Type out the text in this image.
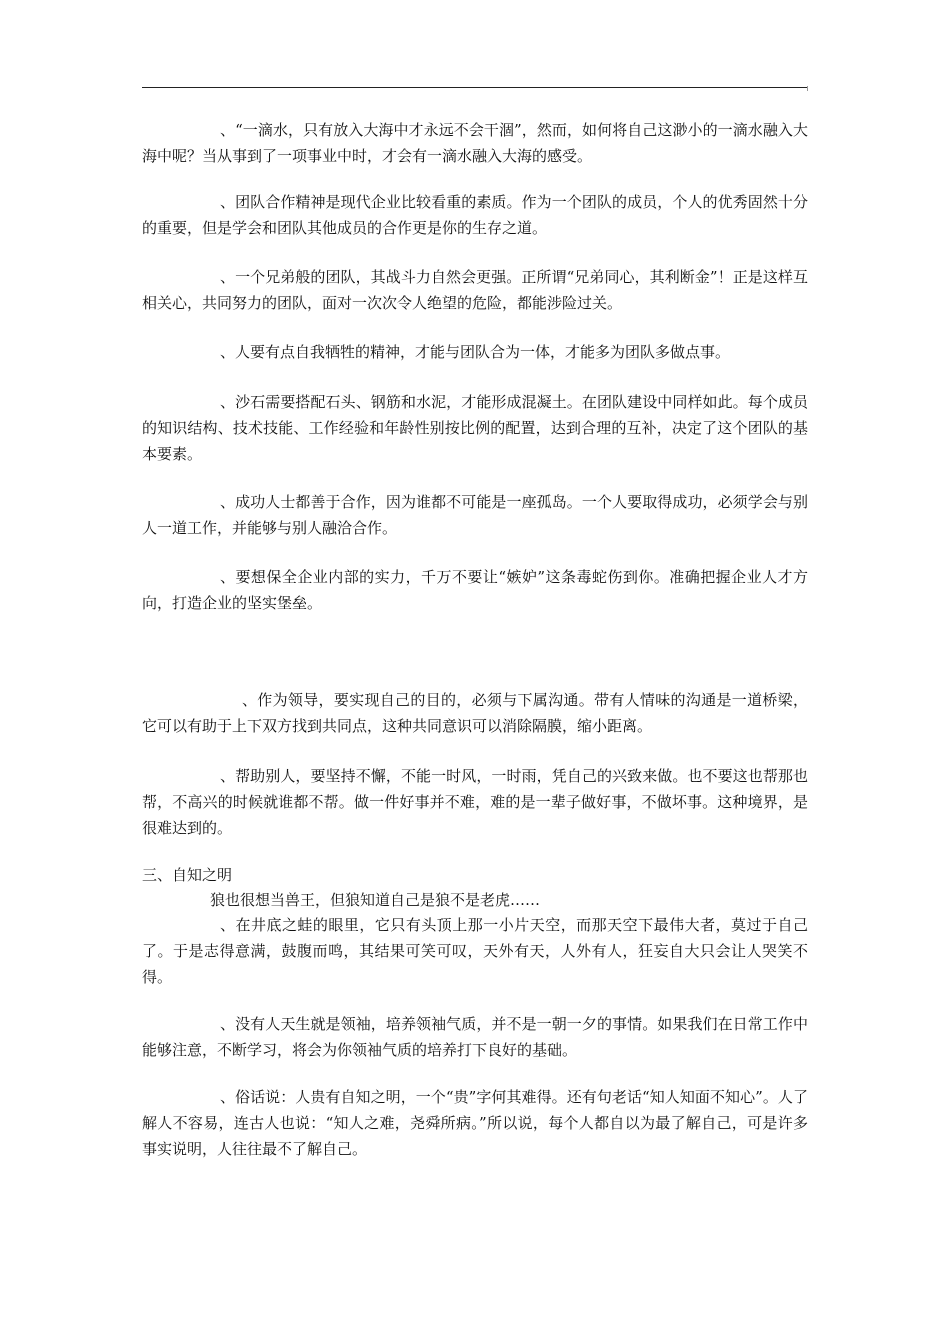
、“一滴水，只有放入大海中才永远不会干涸”，然而，如何将自己这渺小的一滴水融入大海中呢？当从事到了一项事业中时，才会有一滴水融入大海的感受。

、团队合作精神是现代企业比较看重的素质。作为一个团队的成员，个人的优秀固然十分的重要，但是学会和团队其他成员的合作更是你的生存之道。

、一个兄弟般的团队，其战斗力自然会更强。正所谓“兄弟同心，其利断金”！正是这样互相关心，共同努力的团队，面对一次次令人绝望的危险，都能涉险过关。

、人要有点自我牺牲的精神，才能与团队合为一体，才能多为团队多做点事。

、沙石需要搭配石头、钢筋和水泥，才能形成混凝土。在团队建设中同样如此。每个成员的知识结构、技术技能、工作经验和年龄性别按比例的配置，达到合理的互补，决定了这个团队的基本要素。

、成功人士都善于合作，因为谁都不可能是一座孤岛。一个人要取得成功，必须学会与别人一道工作，并能够与别人融洽合作。

、要想保全企业内部的实力，千万不要让“嫉妒”这条毒蛇伤到你。准确把握企业人才方向，打造企业的坚实堡垒。

、作为领导，要实现自己的目的，必须与下属沟通。带有人情味的沟通是一道桥梁，它可以有助于上下双方找到共同点，这种共同意识可以消除隔膜，缩小距离。

、帮助别人，要坚持不懈，不能一时风，一时雨，凭自己的兴致来做。也不要这也帮那也帮，不高兴的时候就谁都不帮。做一件好事并不难，难的是一辈子做好事，不做坏事。这种境界，是很难达到的。

三、自知之明

狼也很想当兽王，但狼知道自己是狼不是老虎……

、在井底之蛙的眼里，它只有头顶上那一小片天空，而那天空下最伟大者，莫过于自己了。于是志得意满，鼓腹而鸣，其结果可笑可叹，天外有天，人外有人，狂妄自大只会让人哭笑不得。

、没有人天生就是领袖，培养领袖气质，并不是一朝一夕的事情。如果我们在日常工作中能够注意，不断学习，将会为你领袖气质的培养打下良好的基础。

、俗话说：人贵有自知之明，一个“贵”字何其难得。还有句老话“知人知面不知心”。人了解人不容易，连古人也说：“知人之难，尧舜所病。”所以说，每个人都自以为最了解自己，可是许多事实说明，人往往最不了解自己。
